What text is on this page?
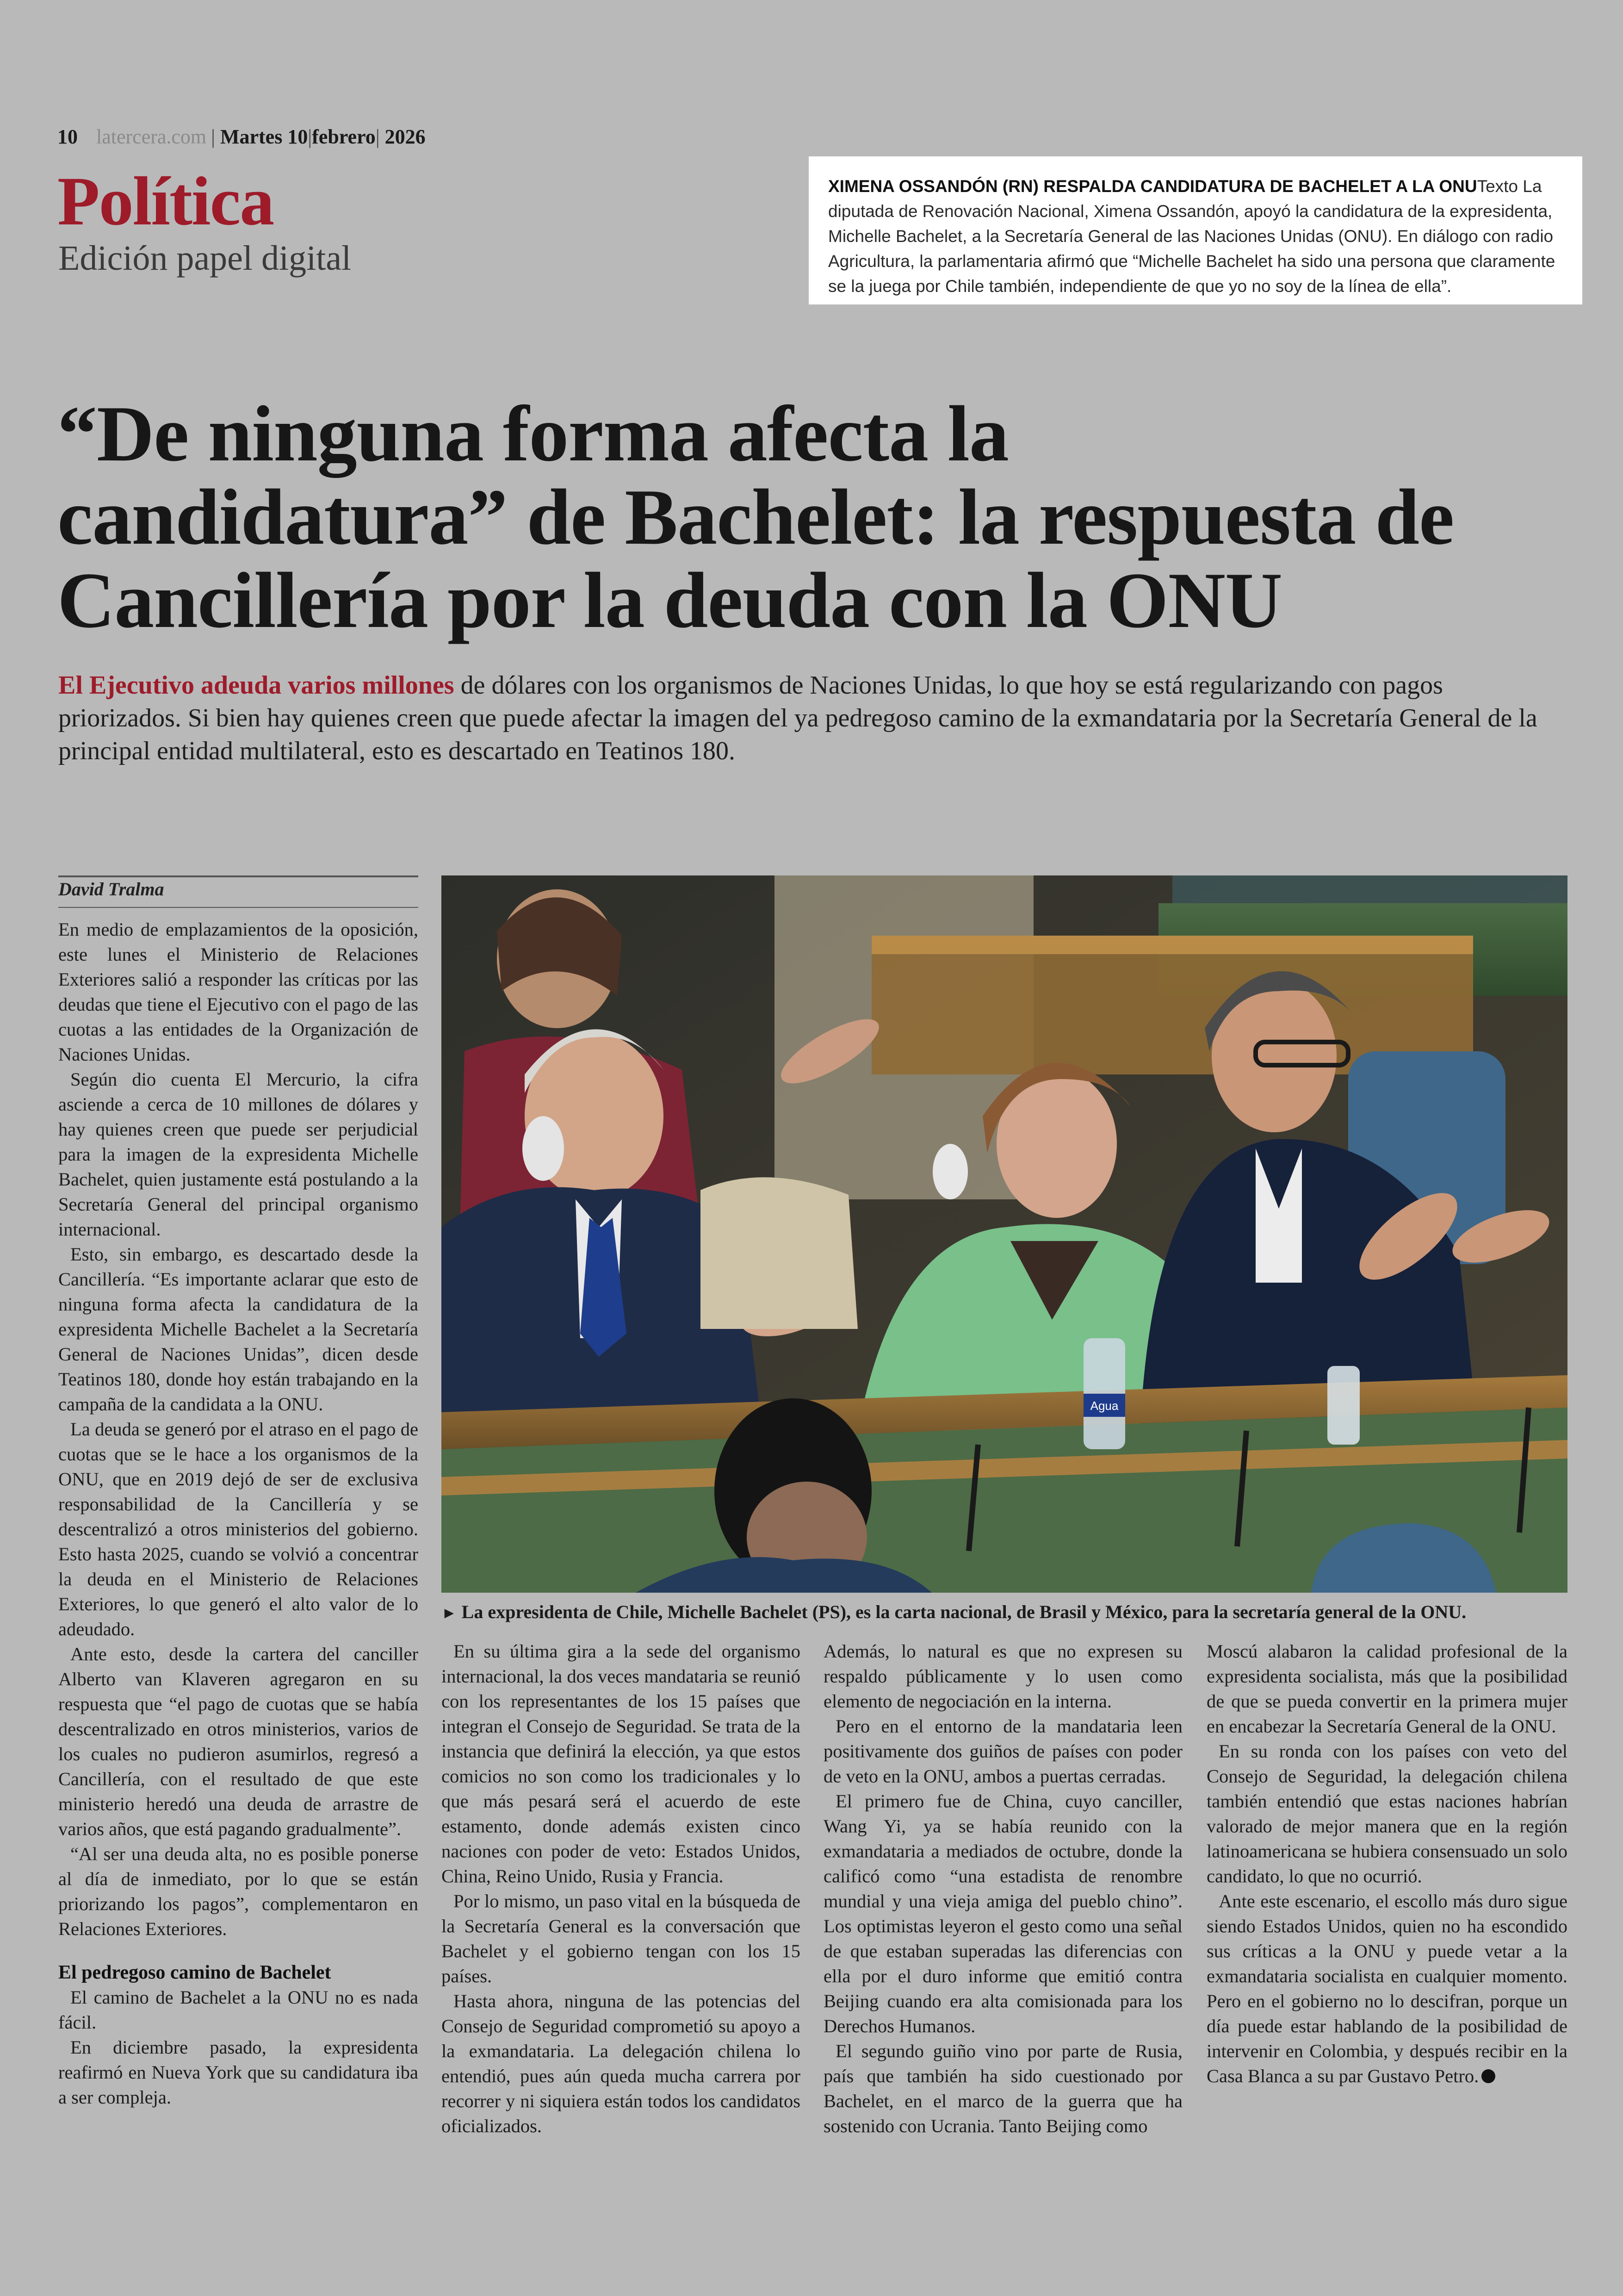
10 latercera.com | Martes 10|febrero| 2026
Política
Edición papel digital
XIMENA OSSANDÓN (RN) RESPALDA CANDIDATURA DE BACHELET A LA ONUTexto La diputada de Renovación Nacional, Ximena Ossandón, apoyó la candidatura de la expresidenta, Michelle Bachelet, a la Secretaría General de las Naciones Unidas (ONU). En diálogo con radio Agricultura, la parlamentaria afirmó que “Michelle Bachelet ha sido una persona que claramente se la juega por Chile también, independiente de que yo no soy de la línea de ella”.
“De ninguna forma afecta la
candidatura” de Bachelet: la respuesta de
Cancillería por la deuda con la ONU
El Ejecutivo adeuda varios millones de dólares con los organismos de Naciones Unidas, lo que hoy se está regularizando con pagos priorizados. Si bien hay quienes creen que puede afectar la imagen del ya pedregoso camino de la exmandataria por la Secretaría General de la principal entidad multilateral, esto es descartado en Teatinos 180.
David Tralma

En medio de emplazamientos de la oposición, este lunes el Ministerio de Relaciones Exteriores salió a responder las críticas por las deudas que tiene el Ejecutivo con el pago de las cuotas a las entidades de la Organización de Naciones Unidas.

Según dio cuenta El Mercurio, la cifra asciende a cerca de 10 millones de dólares y hay quienes creen que puede ser perjudicial para la imagen de la expresidenta Michelle Bachelet, quien justamente está postulando a la Secretaría General del principal organismo internacional.

Esto, sin embargo, es descartado desde la Cancillería. “Es importante aclarar que esto de ninguna forma afecta la candidatura de la expresidenta Michelle Bachelet a la Secretaría General de Naciones Unidas”, dicen desde Teatinos 180, donde hoy están trabajando en la campaña de la candidata a la ONU.

La deuda se generó por el atraso en el pago de cuotas que se le hace a los organismos de la ONU, que en 2019 dejó de ser de exclusiva responsabilidad de la Cancillería y se descentralizó a otros ministerios del gobierno. Esto hasta 2025, cuando se volvió a concentrar la deuda en el Ministerio de Relaciones Exteriores, lo que generó el alto valor de lo adeudado.

Ante esto, desde la cartera del canciller Alberto van Klaveren agregaron en su respuesta que “el pago de cuotas que se había descentralizado en otros ministerios, varios de los cuales no pudieron asumirlos, regresó a Cancillería, con el resultado de que este ministerio heredó una deuda de arrastre de varios años, que está pagando gradualmente”.

“Al ser una deuda alta, no es posible ponerse al día de inmediato, por lo que se están priorizando los pagos”, complementaron en Relaciones Exteriores.

El pedregoso camino de Bachelet

El camino de Bachelet a la ONU no es nada fácil.

En diciembre pasado, la expresidenta reafirmó en Nueva York que su candidatura iba a ser compleja.

Agua
► La expresidenta de Chile, Michelle Bachelet (PS), es la carta nacional, de Brasil y México, para la secretaría general de la ONU.

En su última gira a la sede del organismo internacional, la dos veces mandataria se reunió con los representantes de los 15 países que integran el Consejo de Seguridad. Se trata de la instancia que definirá la elección, ya que estos comicios no son como los tradicionales y lo que más pesará será el acuerdo de este estamento, donde además existen cinco naciones con poder de veto: Estados Unidos, China, Reino Unido, Rusia y Francia.

Por lo mismo, un paso vital en la búsqueda de la Secretaría General es la conversación que Bachelet y el gobierno tengan con los 15 países.

Hasta ahora, ninguna de las potencias del Consejo de Seguridad comprometió su apoyo a la exmandataria. La delegación chilena lo entendió, pues aún queda mucha carrera por recorrer y ni siquiera están todos los candidatos oficializados.

Además, lo natural es que no expresen su respaldo públicamente y lo usen como elemento de negociación en la interna.

Pero en el entorno de la mandataria leen positivamente dos guiños de países con poder de veto en la ONU, ambos a puertas cerradas.

El primero fue de China, cuyo canciller, Wang Yi, ya se había reunido con la exmandataria a mediados de octubre, donde la calificó como “una estadista de renombre mundial y una vieja amiga del pueblo chino”. Los optimistas leyeron el gesto como una señal de que estaban superadas las diferencias con ella por el duro informe que emitió contra Beijing cuando era alta comisionada para los Derechos Humanos.

El segundo guiño vino por parte de Rusia, país que también ha sido cuestionado por Bachelet, en el marco de la guerra que ha sostenido con Ucrania. Tanto Beijing como

Moscú alabaron la calidad profesional de la expresidenta socialista, más que la posibilidad de que se pueda convertir en la primera mujer en encabezar la Secretaría General de la ONU.

En su ronda con los países con veto del Consejo de Seguridad, la delegación chilena también entendió que estas naciones habrían valorado de mejor manera que en la región latinoamericana se hubiera consensuado un solo candidato, lo que no ocurrió.

Ante este escenario, el escollo más duro sigue siendo Estados Unidos, quien no ha escondido sus críticas a la ONU y puede vetar a la exmandataria socialista en cualquier momento. Pero en el gobierno no lo descifran, porque un día puede estar hablando de la posibilidad de intervenir en Colombia, y después recibir en la Casa Blanca a su par Gustavo Petro.
